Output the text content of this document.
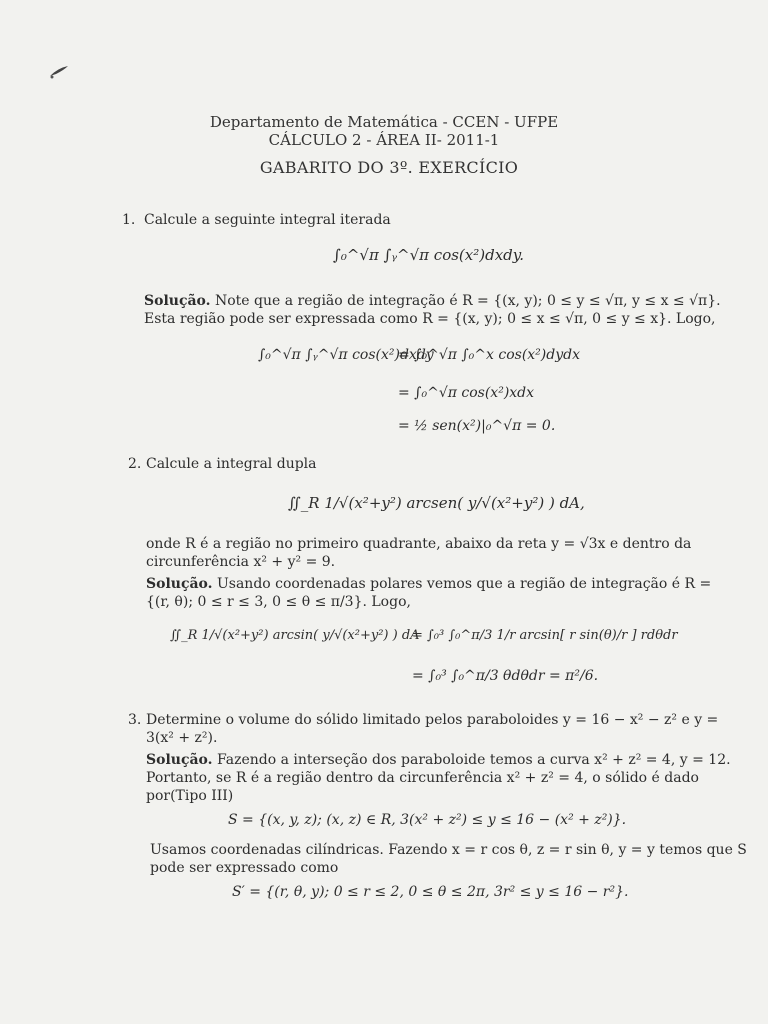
Departamento de Matemática - CCEN - UFPE
CÁLCULO 2 - ÁREA II- 2011-1
GABARITO DO 3º. EXERCÍCIO
1. Calcule a seguinte integral iterada
∫₀^√π ∫ᵧ^√π cos(x²)dxdy.
Solução. Note que a região de integração é R = {(x, y); 0 ≤ y ≤ √π, y ≤ x ≤ √π}.
Esta região pode ser expressada como R = {(x, y); 0 ≤ x ≤ √π, 0 ≤ y ≤ x}. Logo,
∫₀^√π ∫ᵧ^√π cos(x²)dxdy
= ∫₀^√π ∫₀^x cos(x²)dydx
= ∫₀^√π cos(x²)xdx
= ½ sen(x²)|₀^√π = 0.
2. Calcule a integral dupla
∬_R 1/√(x²+y²) arcsen( y/√(x²+y²) ) dA,
onde R é a região no primeiro quadrante, abaixo da reta y = √3x e dentro da
circunferência x² + y² = 9.
Solução. Usando coordenadas polares vemos que a região de integração é R =
{(r, θ); 0 ≤ r ≤ 3, 0 ≤ θ ≤ π/3}. Logo,
∬_R 1/√(x²+y²) arcsin( y/√(x²+y²) ) dA
= ∫₀³ ∫₀^π/3 1/r arcsin[ r sin(θ)/r ] rdθdr
= ∫₀³ ∫₀^π/3 θdθdr = π²/6.
3. Determine o volume do sólido limitado pelos paraboloides y = 16 − x² − z² e y =
3(x² + z²).
Solução. Fazendo a interseção dos paraboloide temos a curva x² + z² = 4, y = 12.
Portanto, se R é a região dentro da circunferência x² + z² = 4, o sólido é dado
por(Tipo III)
S = {(x, y, z); (x, z) ∈ R, 3(x² + z²) ≤ y ≤ 16 − (x² + z²)}.
Usamos coordenadas cilíndricas. Fazendo x = r cos θ, z = r sin θ, y = y temos que S
pode ser expressado como
S′ = {(r, θ, y); 0 ≤ r ≤ 2, 0 ≤ θ ≤ 2π, 3r² ≤ y ≤ 16 − r²}.
